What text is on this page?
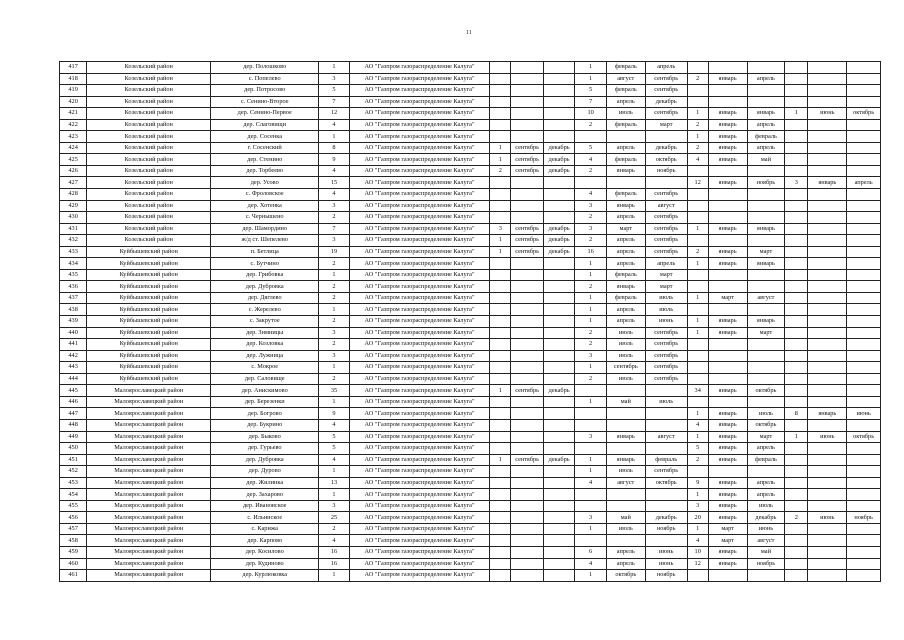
11
417	Козельский район	дер. Полошково	1	АО "Газпром газораспределение Калуга"				1	февраль	апрель						
418	Козельский район	с. Попелево	3	АО "Газпром газораспределение Калуга"				1	август	сентябрь	2	январь	апрель			
419	Козельский район	дер. Потросово	5	АО "Газпром газораспределение Калуга"				5	февраль	сентябрь						
420	Козельский район	с. Сенино-Второе	7	АО "Газпром газораспределение Калуга"				7	апрель	декабрь						
421	Козельский район	дер. Сенино-Первое	12	АО "Газпром газораспределение Калуга"				10	июль	сентябрь	1	январь	январь	1	июнь	октябрь
422	Козельский район	дер. Слаговищи	4	АО "Газпром газораспределение Калуга"				2	февраль	март	2	январь	апрель			
423	Козельский район	дер. Сосенка	1	АО "Газпром газораспределение Калуга"							1	январь	февраль			
424	Козельский район	г. Сосенский	8	АО "Газпром газораспределение Калуга"	1	сентябрь	декабрь	5	апрель	декабрь	2	январь	апрель			
425	Козельский район	дер. Стенино	9	АО "Газпром газораспределение Калуга"	1	сентябрь	декабрь	4	февраль	октябрь	4	январь	май			
426	Козельский район	дер. Торбеево	4	АО "Газпром газораспределение Калуга"	2	сентябрь	декабрь	2	январь	ноябрь						
427	Козельский район	дер. Усово	15	АО "Газпром газораспределение Калуга"							12	январь	ноябрь	3	январь	апрель
428	Козельский район	с. Фроловское	4	АО "Газпром газораспределение Калуга"				4	февраль	сентябрь						
429	Козельский район	дер. Хотенка	3	АО "Газпром газораспределение Калуга"				3	январь	август						
430	Козельский район	с. Чернышено	2	АО "Газпром газораспределение Калуга"				2	апрель	сентябрь						
431	Козельский район	дер. Шамордино	7	АО "Газпром газораспределение Калуга"	3	сентябрь	декабрь	3	март	сентябрь	1	январь	январь			
432	Козельский район	ж/д ст. Шепелево	3	АО "Газпром газораспределение Калуга"	1	сентябрь	декабрь	2	апрель	сентябрь						
433	Куйбышевский район	п. Бетлица	19	АО "Газпром газораспределение Калуга"	1	сентябрь	декабрь	16	апрель	сентябрь	2	январь	март			
434	Куйбышевский район	с. Бутчино	2	АО "Газпром газораспределение Калуга"				1	апрель	апрель	1	январь	январь			
435	Куйбышевский район	дер. Грибовка	1	АО "Газпром газораспределение Калуга"				1	февраль	март						
436	Куйбышевский район	дер. Дубровка	2	АО "Газпром газораспределение Калуга"				2	январь	март						
437	Куйбышевский район	дер. Дяглево	2	АО "Газпром газораспределение Калуга"				1	февраль	июль	1	март	август			
438	Куйбышевский район	с. Жерелево	1	АО "Газпром газораспределение Калуга"				1	апрель	июль						
439	Куйбышевский район	с. Закрутое	2	АО "Газпром газораспределение Калуга"				1	апрель	июнь	1	январь	январь			
440	Куйбышевский район	дер. Зимницы	3	АО "Газпром газораспределение Калуга"				2	июль	сентябрь	1	январь	март			
441	Куйбышевский район	дер. Козловка	2	АО "Газпром газораспределение Калуга"				2	июль	сентябрь						
442	Куйбышевский район	дер. Лужница	3	АО "Газпром газораспределение Калуга"				3	июль	сентябрь						
443	Куйбышевский район	с. Мокрое	1	АО "Газпром газораспределение Калуга"				1	сентябрь	сентябрь						
444	Куйбышевский район	дер. Саловище	2	АО "Газпром газораспределение Калуга"				2	июль	сентябрь						
445	Малоярославецкий район	дер. Анискимово	35	АО "Газпром газораспределение Калуга"	1	сентябрь	декабрь				34	январь	октябрь			
446	Малоярославецкий район	дер. Березенки	1	АО "Газпром газораспределение Калуга"				1	май	июль						
447	Малоярославецкий район	дер. Богрово	9	АО "Газпром газораспределение Калуга"							1	январь	июль	8	январь	июнь
448	Малоярославецкий район	дер. Букрино	4	АО "Газпром газораспределение Калуга"							4	январь	октябрь			
449	Малоярославецкий район	дер. Быково	5	АО "Газпром газораспределение Калуга"				3	январь	август	1	январь	март	1	июнь	октябрь
450	Малоярославецкий район	дер. Гурьево	5	АО "Газпром газораспределение Калуга"							5	январь	апрель			
451	Малоярославецкий район	дер. Дубровка	4	АО "Газпром газораспределение Калуга"	1	сентябрь	декабрь	1	январь	февраль	2	январь	февраль			
452	Малоярославецкий район	дер. Дурово	1	АО "Газпром газораспределение Калуга"				1	июль	сентябрь						
453	Малоярославецкий район	дер. Жилинка	13	АО "Газпром газораспределение Калуга"				4	август	октябрь	9	январь	апрель			
454	Малоярославецкий район	дер. Захарово	1	АО "Газпром газораспределение Калуга"							1	январь	апрель			
455	Малоярославецкий район	дер. Ивановское	3	АО "Газпром газораспределение Калуга"							3	январь	июль			
456	Малоярославецкий район	с. Ильинское	25	АО "Газпром газораспределение Калуга"				3	май	декабрь	20	январь	декабрь	2	июнь	ноябрь
457	Малоярославецкий район	с. Карижа	2	АО "Газпром газораспределение Калуга"				1	июль	ноябрь	1	март	июнь			
458	Малоярославецкий район	дер. Карпово	4	АО "Газпром газораспределение Калуга"							4	март	август			
459	Малоярославецкий район	дер. Косилово	16	АО "Газпром газораспределение Калуга"				6	апрель	июнь	10	январь	май			
460	Малоярославецкий район	дер. Кудиново	16	АО "Газпром газораспределение Калуга"				4	апрель	июнь	12	январь	ноябрь			
461	Малоярославецкий район	дер. Курлюковка	1	АО "Газпром газораспределение Калуга"				1	октябрь	ноябрь						
